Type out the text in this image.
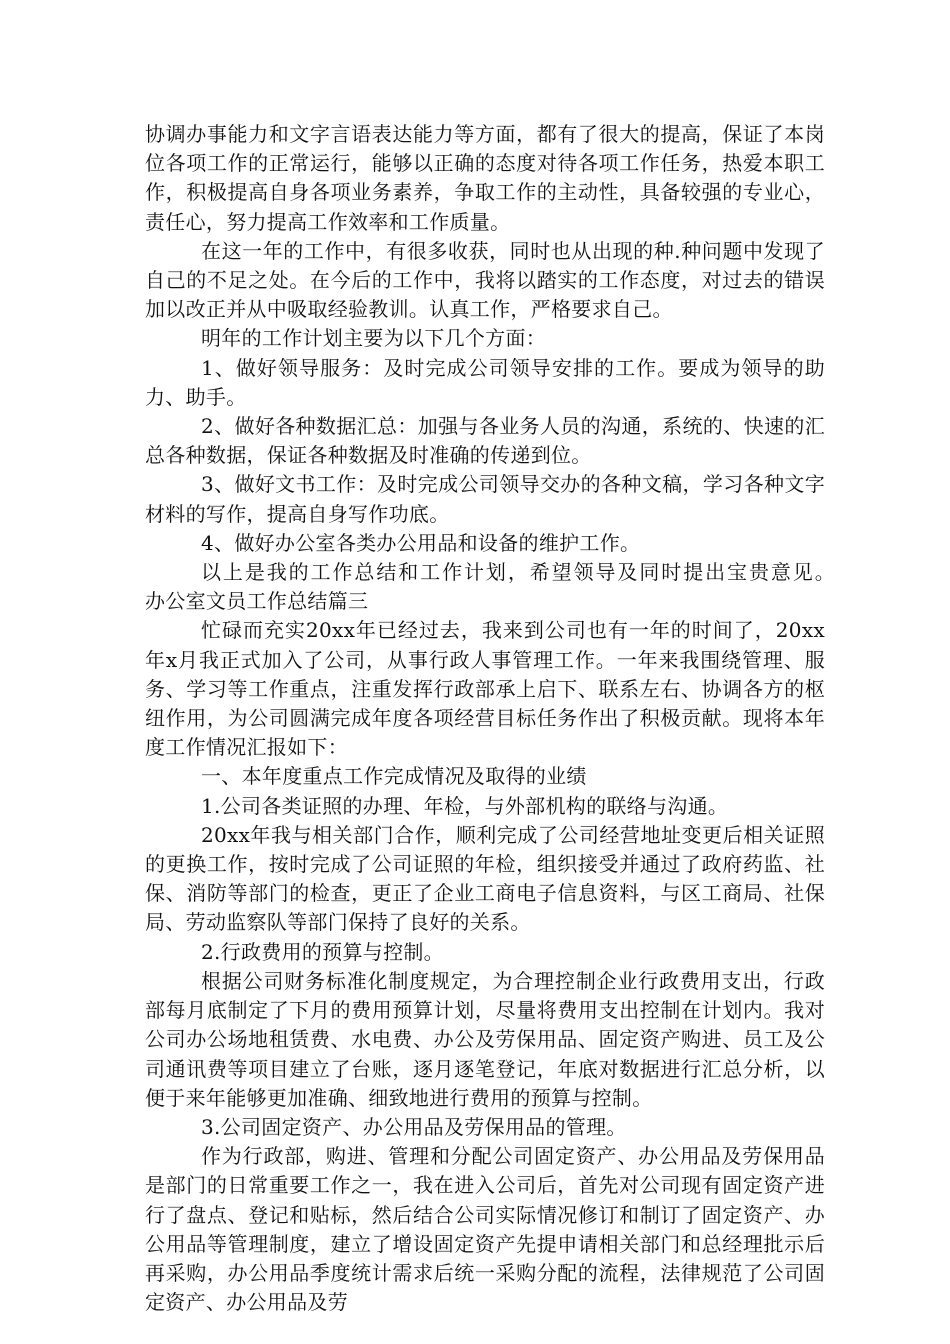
协调办事能力和文字言语表达能力等方面，都有了很大的提高，保证了本岗位各项工作的正常运行，能够以正确的态度对待各项工作任务，热爱本职工作，积极提高自身各项业务素养，争取工作的主动性，具备较强的专业心，责任心，努力提高工作效率和工作质量。

在这一年的工作中，有很多收获，同时也从出现的种.种问题中发现了自己的不足之处。在今后的工作中，我将以踏实的工作态度，对过去的错误加以改正并从中吸取经验教训。认真工作，严格要求自己。

明年的工作计划主要为以下几个方面：

1、做好领导服务：及时完成公司领导安排的工作。要成为领导的助力、助手。

2、做好各种数据汇总：加强与各业务人员的沟通，系统的、快速的汇总各种数据，保证各种数据及时准确的传递到位。

3、做好文书工作：及时完成公司领导交办的各种文稿，学习各种文字材料的写作，提高自身写作功底。

4、做好办公室各类办公用品和设备的维护工作。

以上是我的工作总结和工作计划，希望领导及同时提出宝贵意见。　　办公室文员工作总结篇三

忙碌而充实20xx年已经过去，我来到公司也有一年的时间了，20xx年x月我正式加入了公司，从事行政人事管理工作。一年来我围绕管理、服务、学习等工作重点，注重发挥行政部承上启下、联系左右、协调各方的枢纽作用，为公司圆满完成年度各项经营目标任务作出了积极贡献。现将本年度工作情况汇报如下：

一、本年度重点工作完成情况及取得的业绩

1.公司各类证照的办理、年检，与外部机构的联络与沟通。

20xx年我与相关部门合作，顺利完成了公司经营地址变更后相关证照的更换工作，按时完成了公司证照的年检，组织接受并通过了政府药监、社保、消防等部门的检查，更正了企业工商电子信息资料，与区工商局、社保局、劳动监察队等部门保持了良好的关系。

2.行政费用的预算与控制。

根据公司财务标准化制度规定，为合理控制企业行政费用支出，行政部每月底制定了下月的费用预算计划，尽量将费用支出控制在计划内。我对公司办公场地租赁费、水电费、办公及劳保用品、固定资产购进、员工及公司通讯费等项目建立了台账，逐月逐笔登记，年底对数据进行汇总分析，以便于来年能够更加准确、细致地进行费用的预算与控制。

3.公司固定资产、办公用品及劳保用品的管理。

作为行政部，购进、管理和分配公司固定资产、办公用品及劳保用品是部门的日常重要工作之一，我在进入公司后，首先对公司现有固定资产进行了盘点、登记和贴标，然后结合公司实际情况修订和制订了固定资产、办公用品等管理制度，建立了增设固定资产先提申请相关部门和总经理批示后再采购，办公用品季度统计需求后统一采购分配的流程，法律规范了公司固定资产、办公用品及劳
